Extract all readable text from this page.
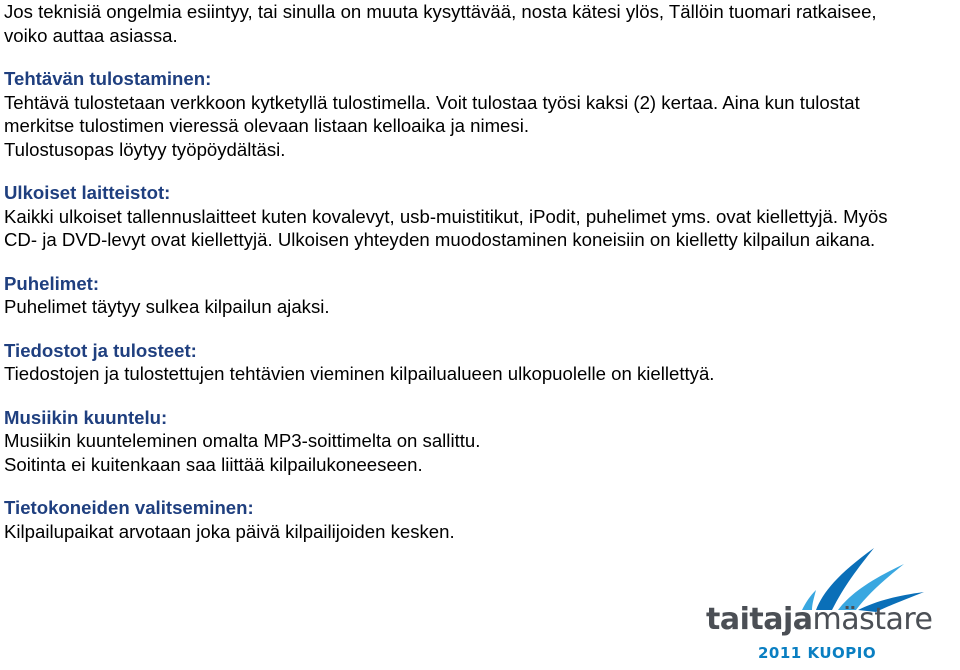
Jos teknisiä ongelmia esiintyy, tai sinulla on muuta kysyttävää, nosta kätesi ylös, Tällöin tuomari ratkaisee,
voiko auttaa asiassa.
Tehtävän tulostaminen:
Tehtävä tulostetaan verkkoon kytketyllä tulostimella. Voit tulostaa työsi kaksi (2) kertaa. Aina kun tulostat
merkitse tulostimen vieressä olevaan listaan kelloaika ja nimesi.
Tulostusopas löytyy työpöydältäsi.
Ulkoiset laitteistot:
Kaikki ulkoiset tallennuslaitteet kuten kovalevyt, usb-muistitikut, iPodit, puhelimet yms. ovat kiellettyjä. Myös
CD- ja DVD-levyt ovat kiellettyjä. Ulkoisen yhteyden muodostaminen koneisiin on kielletty kilpailun aikana.
Puhelimet:
Puhelimet täytyy sulkea kilpailun ajaksi.
Tiedostot ja tulosteet:
Tiedostojen ja tulostettujen tehtävien vieminen kilpailualueen ulkopuolelle on kiellettyä.
Musiikin kuuntelu:
Musiikin kuunteleminen omalta MP3-soittimelta on sallittu.
Soitinta ei kuitenkaan saa liittää kilpailukoneeseen.
Tietokoneiden valitseminen:
Kilpailupaikat arvotaan joka päivä kilpailijoiden kesken.
taitajamästare
2011 KUOPIO
